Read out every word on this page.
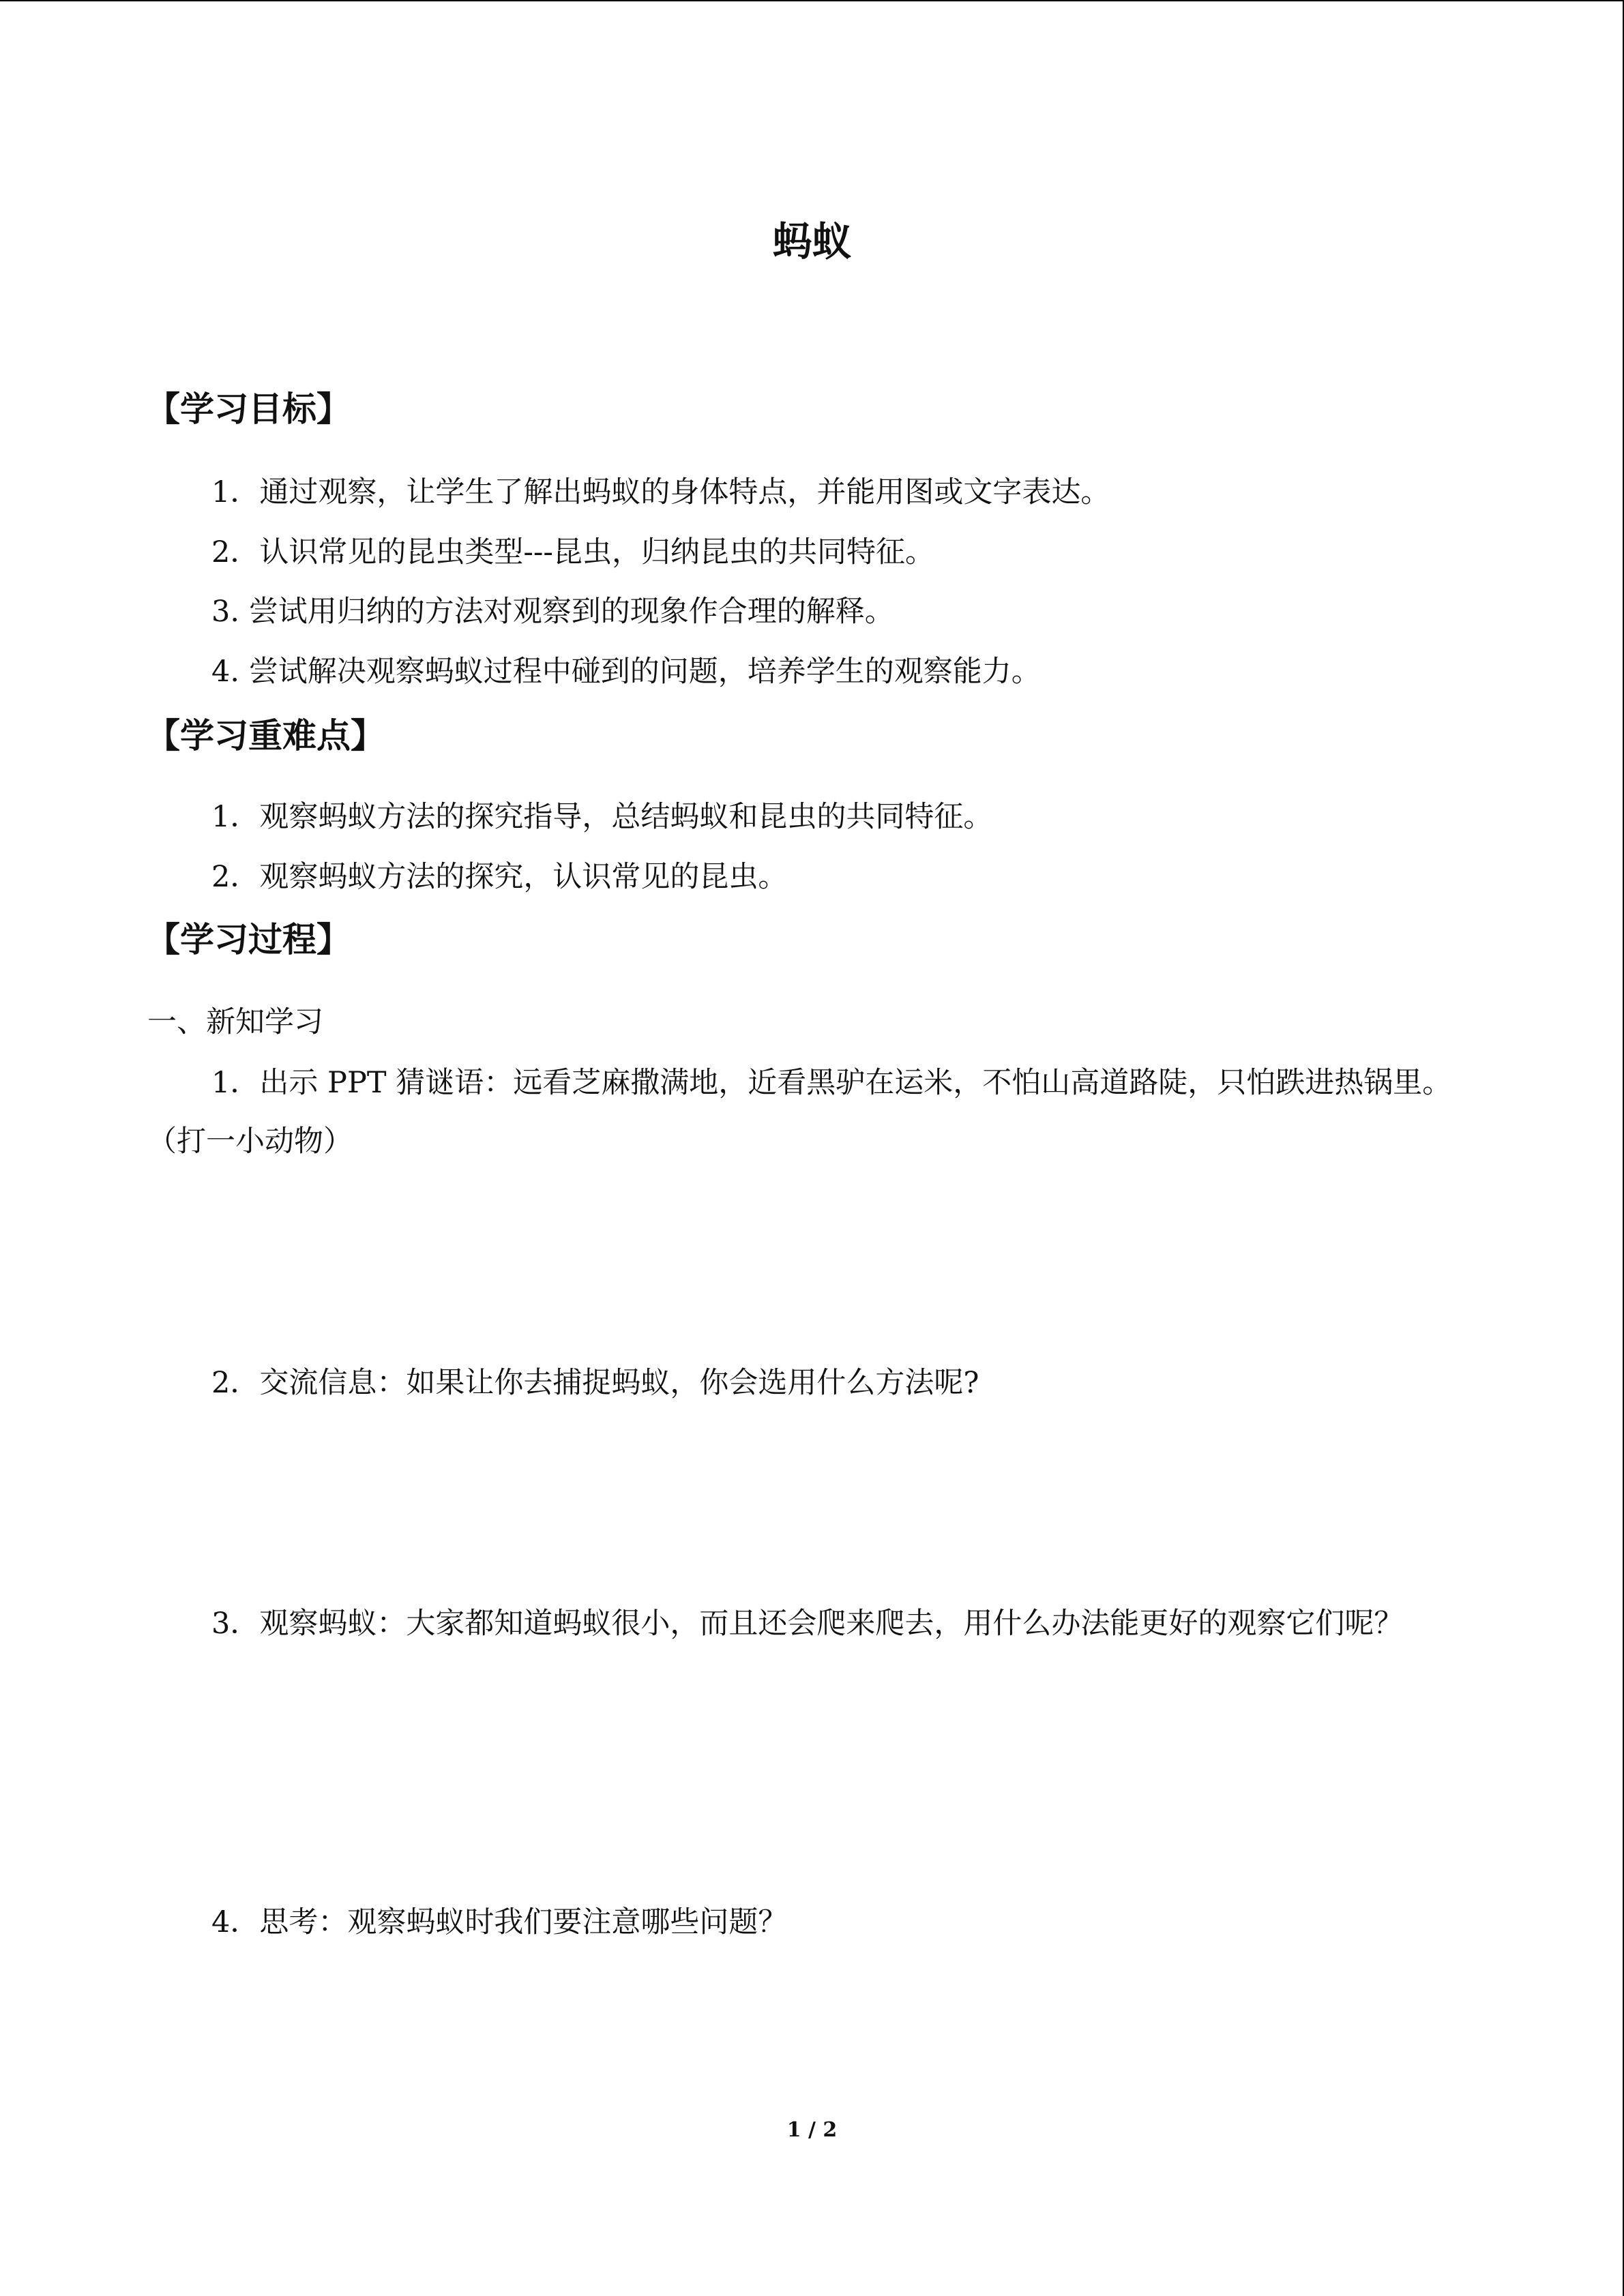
蚂蚁
【学习目标】
1．通过观察，让学生了解出蚂蚁的身体特点，并能用图或文字表达。
2．认识常见的昆虫类型---昆虫，归纳昆虫的共同特征。
3. 尝试用归纳的方法对观察到的现象作合理的解释。
4. 尝试解决观察蚂蚁过程中碰到的问题，培养学生的观察能力。
【学习重难点】
1．观察蚂蚁方法的探究指导，总结蚂蚁和昆虫的共同特征。
2．观察蚂蚁方法的探究，认识常见的昆虫。
【学习过程】
一、新知学习
1．出示 PPT 猜谜语：远看芝麻撒满地，近看黑驴在运米，不怕山高道路陡，只怕跌进热锅里。（打一小动物）
2．交流信息：如果让你去捕捉蚂蚁，你会选用什么方法呢?
3．观察蚂蚁：大家都知道蚂蚁很小，而且还会爬来爬去，用什么办法能更好的观察它们呢？
4．思考：观察蚂蚁时我们要注意哪些问题？
1 / 2
